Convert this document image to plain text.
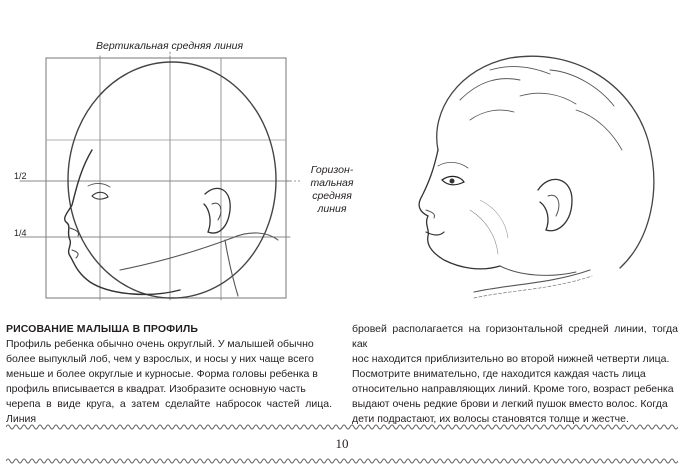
1/2
1/4
Вертикальная средняя линия
Горизон-
тальная
средняя
линия
РИСОВАНИЕ МАЛЫША В ПРОФИЛЬ

Профиль ребенка обычно очень округлый. У малышей обычно

более выпуклый лоб, чем у взрослых, и носы у них чаще всего

меньше и более округлые и курносые. Форма головы ребенка в

профиль вписывается в квадрат. Изобразите основную часть

черепа в виде круга, а затем сделайте набросок частей лица. Линия

бровей располагается на горизонтальной средней линии, тогда как

нос находится приблизительно во второй нижней четверти лица.

Посмотрите внимательно, где находится каждая часть лица

относительно направляющих линий. Кроме того, возраст ребенка

выдают очень редкие брови и легкий пушок вместо волос. Когда

дети подрастают, их волосы становятся толще и жестче.

10
